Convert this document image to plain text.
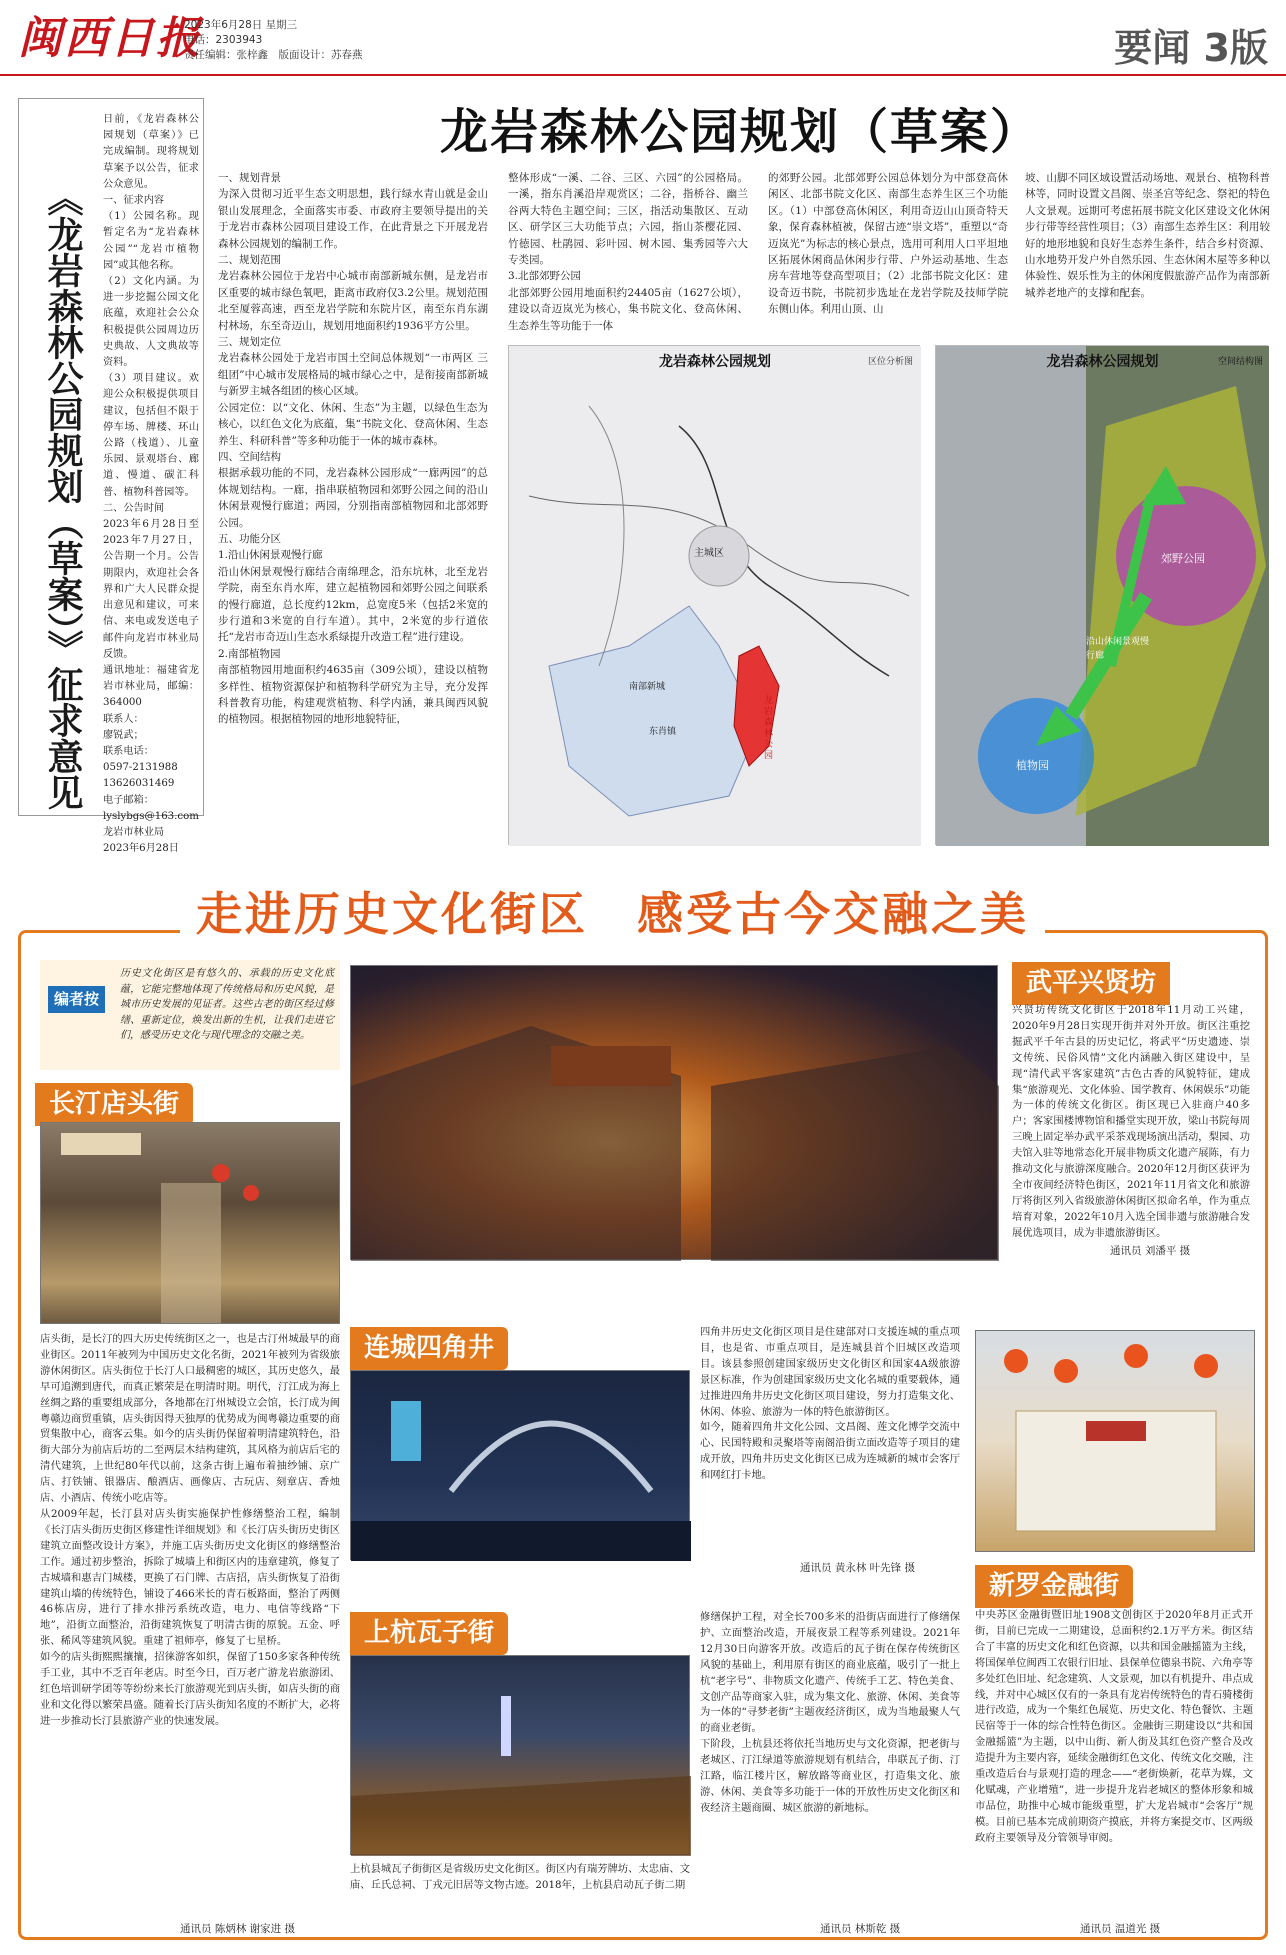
闽西日报
2023年6月28日 星期三
电话：2303943
责任编辑：张梓鑫　版面设计：苏春燕	要闻 3版
《龙岩森林公园规划（草案）》征求意见
日前，《龙岩森林公园规划（草案）》已完成编制。现将规划草案予以公告，征求公众意见。
一、征求内容
（1）公园名称。现暂定名为“龙岩森林公园”“龙岩市植物园”或其他名称。
（2）文化内涵。为进一步挖掘公园文化底蕴，欢迎社会公众积极提供公园周边历史典故、人文典故等资料。
（3）项目建议。欢迎公众积极提供项目建议，包括但不限于停车场、牌楼、环山公路（栈道）、儿童乐园、景观塔台、廊道、慢道、碳汇科普、植物科普园等。
二、公告时间
2023年6月28日至2023年7月27日，公告期一个月。公告期限内，欢迎社会各界和广大人民群众提出意见和建议，可来信、来电或发送电子邮件向龙岩市林业局反馈。
通讯地址：福建省龙岩市林业局，邮编：364000
联系人：
廖锐武；
联系电话：
0597-2131988
13626031469
电子邮箱：
lyslybgs@163.com
龙岩市林业局
2023年6月28日
龙岩森林公园规划（草案）
一、规划背景
为深入贯彻习近平生态文明思想，践行绿水青山就是金山银山发展理念，全面落实市委、市政府主要领导提出的关于龙岩市森林公园项目建设工作，在此背景之下开展龙岩森林公园规划的编制工作。
二、规划范围
龙岩森林公园位于龙岩中心城市南部新城东侧，是龙岩市区重要的城市绿色氧吧，距离市政府仅3.2公里。规划范围北至厦蓉高速，西至龙岩学院和东院片区，南至东肖东湖村林场，东至奇迈山，规划用地面积约1936平方公里。
三、规划定位
龙岩森林公园处于龙岩市国土空间总体规划“一市两区 三组团”中心城市发展格局的城市绿心之中，是衔接南部新城与新罗主城各组团的核心区域。
公园定位：以“文化、休闲、生态”为主题，以绿色生态为核心，以红色文化为底蕴，集“书院文化、登高休闲、生态养生、科研科普”等多种功能于一体的城市森林。
四、空间结构
根据承载功能的不同，龙岩森林公园形成“一廊两园”的总体规划结构。一廊，指串联植物园和郊野公园之间的沿山休闲景观慢行廊道；两园，分别指南部植物园和北部郊野公园。
五、功能分区
1.沿山休闲景观慢行廊
沿山休闲景观慢行廊结合南绵理念，沿东坑林，北至龙岩学院，南至东肖水库，建立起植物园和郊野公园之间联系的慢行廊道，总长度约12km，总宽度5米（包括2米宽的步行道和3米宽的自行车道）。其中，2米宽的步行道依托“龙岩市奇迈山生态水系绿提升改造工程”进行建设。
2.南部植物园
南部植物园用地面积约4635亩（309公顷），建设以植物多样性、植物资源保护和植物科学研究为主导，充分发挥科普教育功能，构建观赏植物、科学内涵，兼具闽西风貌的植物园。根据植物园的地形地貌特征，
整体形成“一溪、二谷、三区、六园”的公园格局。一溪，指东肖溪沿岸观赏区；二谷，指桥谷、幽兰谷两大特色主题空间；三区，指活动集散区、互动区、研学区三大功能节点；六园，指山茶樱花园、竹徳园、杜鹃园、彩叶园、树木园、集秀园等六大专类园。
3.北部郊野公园
北部郊野公园用地面积约24405亩（1627公顷），建设以奇迈岚光为核心，集书院文化、登高休闲、生态养生等功能于一体
的郊野公园。北部郊野公园总体划分为中部登高休闲区、北部书院文化区、南部生态养生区三个功能区。（1）中部登高休闲区，利用奇迈山山顶奇特天象，保育森林植被，保留古迹“崇文塔”，重塑以“奇迈岚光”为标志的核心景点，选用可利用人口平坦地区拓展休闲商品休闲步行带、户外运动基地、生态房车营地等登高型项目；（2）北部书院文化区：建设奇迈书院，书院初步选址在龙岩学院及技师学院东侧山体。利用山顶、山
坡、山脚不同区域设置活动场地、观景台、植物科普林等，同时设置文昌阁、崇圣宫等纪念、祭祀的特色人文景观。远期可考虑拓展书院文化区建设文化休闲步行带等经营性项目；（3）南部生态养生区：利用较好的地形地貌和良好生态养生条件，结合乡村资源、山水地势开发户外自然乐园、生态休闲木屋等多种以体验性、娱乐性为主的休闲度假旅游产品作为南部新城养老地产的支撑和配套。
龙岩森林公园规划	区位分析图
主城区
南部新城
东肖镇
龙岩森林公园
龙岩森林公园规划	空间结构图
郊野公园
沿山休闲景观慢行廊
植物园
走进历史文化街区　感受古今交融之美
编者按
历史文化街区是有悠久的、承载的历史文化底蕴，它能完整地体现了传统格局和历史风貌，是城市历史发展的见证者。这些古老的街区经过修缮、重新定位，焕发出新的生机，让我们走进它们，感受历史文化与现代理念的交融之美。
长汀店头街
店头街，是长汀的四大历史传统街区之一，也是古汀州城最早的商业街区。2011年被列为中国历史文化名街，2021年被列为省级旅游休闲街区。店头街位于长汀人口最稠密的城区，其历史悠久，最早可追溯到唐代，而真正繁荣是在明清时期。明代，汀江成为海上丝绸之路的重要组成部分，各地都在汀州城设立会馆，长汀成为闽粤赣边商贸重镇，店头街因得天独厚的优势成为闽粤赣边重要的商贸集散中心，商客云集。如今的店头街仍保留着明清建筑特色，沿街大部分为前店后坊的二至两层木结构建筑，其风格为前店后宅的清代建筑，上世纪80年代以前，这条古街上遍布着抽纱铺、京广店、打铁铺、银器店、酿酒店、画像店、古玩店、刻章店、香烛店、小酒店、传统小吃店等。
从2009年起，长汀县对店头街实施保护性修缮整治工程，编制《长汀店头街历史街区修建性详细规划》和《长汀店头街历史街区建筑立面整改设计方案》，并施工店头街历史文化街区的修缮整治工作。通过初步整治，拆除了城墙上和街区内的违章建筑，修复了古城墙和惠吉门城楼，更换了石门牌、古店招，店头街恢复了沿街建筑山墙的传统特色，铺设了466米长的青石板路面，整治了两侧46栋店房，进行了排水排污系统改造，电力、电信等线路“下地”，沿街立面整治，沿街建筑恢复了明清古街的原貌。五金、呼张、稀风等建筑风貌。重建了祖师亭，修复了七星桥。
如今的店头街熙熙攘攘，招徕游客如织，保留了150多家各种传统手工业，其中不乏百年老店。时至今日，百万老广游龙岩旅游团、红色培训研学团等等纷纷来长汀旅游观光到店头街，如店头街的商业和文化得以繁荣昌盛。随着长汀店头街知名度的不断扩大，必将进一步推动长汀县旅游产业的快速发展。
通讯员 陈炳林 谢家进 摄
武平兴贤坊
兴贤坊传统文化街区于2018年11月动工兴建，2020年9月28日实现开街并对外开放。街区注重挖掘武平千年古县的历史记忆，将武平“历史遗迹、崇文传统、民俗风情”文化内涵融入街区建设中，呈现“清代武平客家建筑”古色古香的风貌特征，建成集“旅游观光、文化体验、国学教育、休闲娱乐”功能为一体的传统文化街区。街区现已入驻商户40多户；客家围楼博物馆和播堂实现开放，梁山书院每周三晚上固定举办武平采茶戏现场演出活动，梨园、功夫馆入驻等地常态化开展非物质文化遗产展陈，有力推动文化与旅游深度融合。2020年12月街区获评为全市夜间经济特色街区，2021年11月省文化和旅游厅将街区列入省级旅游休闲街区拟命名单，作为重点培育对象，2022年10月入选全国非遗与旅游融合发展优选项目，成为非遗旅游街区。
通讯员 刘潘平 摄
连城四角井
四角井历史文化街区项目是住建部对口支援连城的重点项目，也是省、市重点项目，是连城县首个旧城区改造项目。该县参照创建国家级历史文化街区和国家4A级旅游景区标准，作为创建国家级历史文化名城的重要载体，通过推进四角井历史文化街区项目建设，努力打造集文化、休闲、体验、旅游为一体的特色旅游街区。
如今，随着四角井文化公园、文昌阁、莲文化博学交流中心、民国特殿和灵聚塔等南阁沿街立面改造等子项目的建成开放，四角井历史文化街区已成为连城新的城市会客厅和网红打卡地。
通讯员 黄永林 叶先锋 摄
上杭瓦子街
上杭县城瓦子街街区是省级历史文化街区。街区内有瑞芳牌坊、太忠庙、文庙、丘氏总祠、丁戎元旧居等文物古迹。2018年，上杭县启动瓦子街二期
修缮保护工程，对全长700多米的沿街店面进行了修缮保护、立面整治改造，开展夜景工程等系列建设。2021年12月30日向游客开放。改造后的瓦子街在保存传统街区风貌的基础上，利用原有街区的商业底蕴，吸引了一批上杭“老字号”、非物质文化遗产、传统手工艺、特色美食、文创产品等商家入驻，成为集文化、旅游、休闲、美食等为一体的“寻梦老街”主题夜经济街区，成为当地最聚人气的商业老街。
下阶段，上杭县还将依托当地历史与文化资源，把老街与老城区、汀江绿道等旅游规划有机结合，串联瓦子街、汀江路，临江楼片区，解放路等商业区，打造集文化、旅游、休闲、美食等多功能于一体的开放性历史文化街区和夜经济主题商圈、城区旅游的新地标。
通讯员 林斯乾 摄
新罗金融街
中央苏区金融街暨旧址1908文创街区于2020年8月正式开街，目前已完成一二期建设，总面积约2.1万平方米。街区结合了丰富的历史文化和红色资源，以共和国金融摇篮为主线，将国保单位闽西工农银行旧址、县保单位德泉书院、六角亭等多处红色旧址、纪念建筑、人文景观，加以有机提升、串点成线，并对中心城区仅有的一条具有龙岩传统特色的青石骑楼街进行改造，成为一个集红色展览、历史文化、特色餐饮、主题民宿等于一体的综合性特色街区。金融街三期建设以“共和国金融摇篮”为主题，以中山街、新人街及其红色资产整合及改造提升为主要内容，延续金融街红色文化、传统文化交融，注重改造后台与景观打造的理念——“老街焕新，花草为媒，文化赋魂，产业增殖”，进一步提升龙岩老城区的整体形象和城市品位，助推中心城市能级重塑，扩大龙岩城市“会客厅”规模。目前已基本完成前期资产摸底，并将方案提交市、区两级政府主要领导及分管领导审阅。
通讯员 温道光 摄
